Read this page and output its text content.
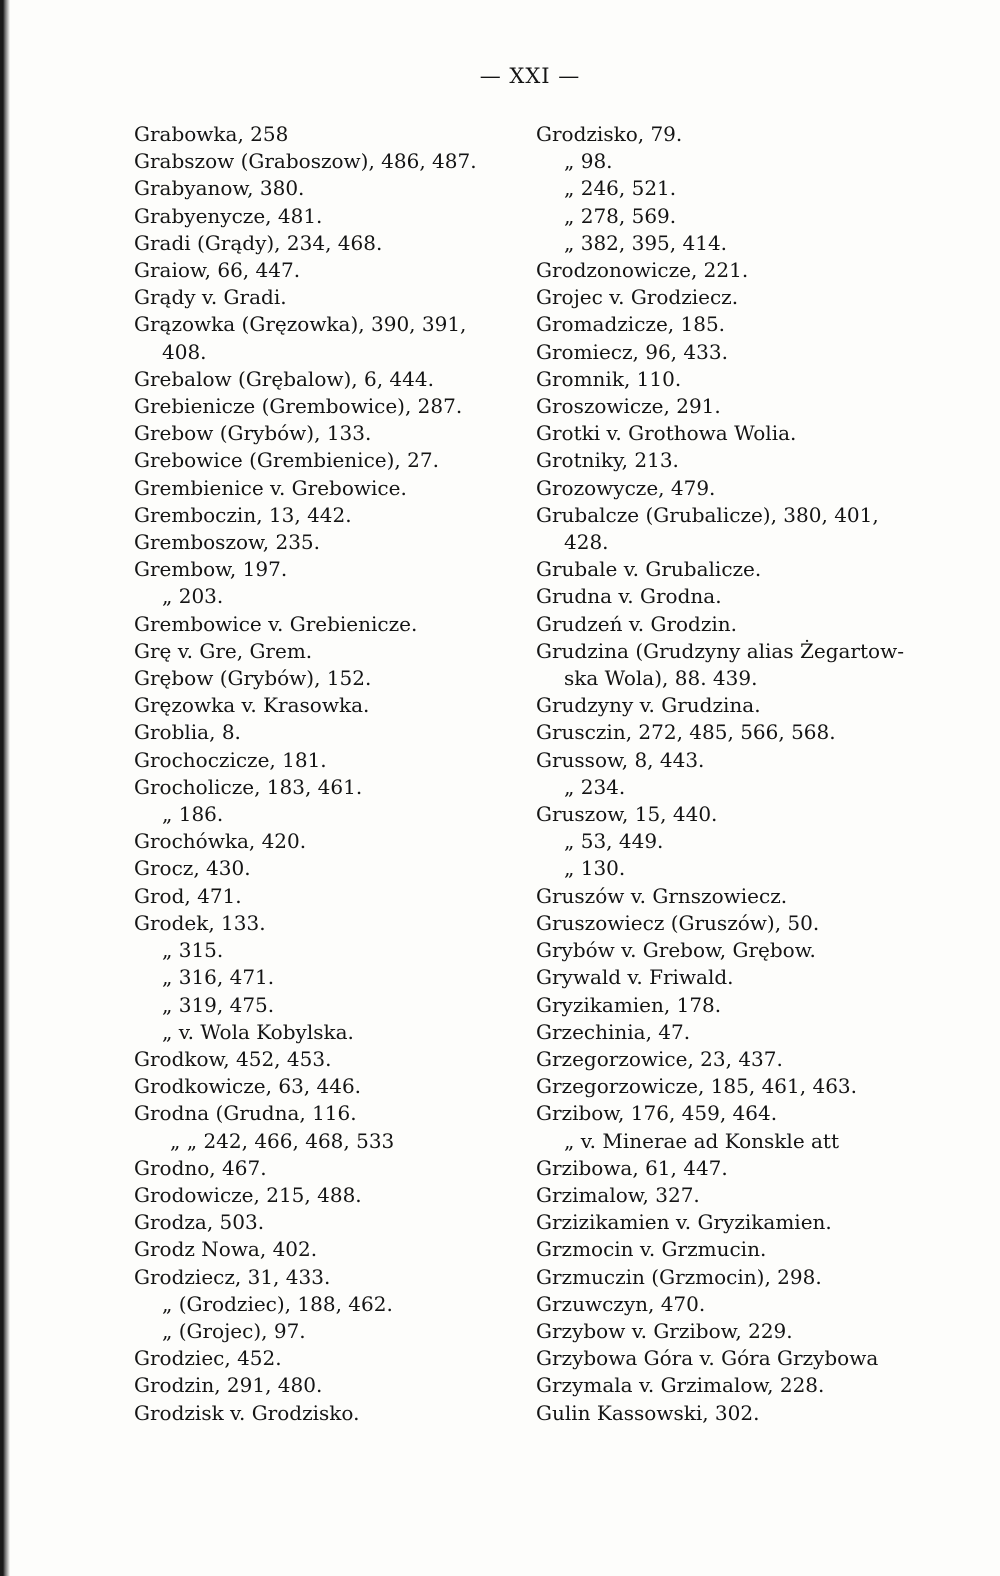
— XXI —
Grabowka, 258
Grabszow (Graboszow), 486, 487.
Grabyanow, 380.
Grabyenycze, 481.
Gradi (Grądy), 234, 468.
Graiow, 66, 447.
Grądy v. Gradi.
Grązowka (Gręzowka), 390, 391,
408.
Grebalow (Grębalow), 6, 444.
Grebienicze (Grembowice), 287.
Grebow (Grybów), 133.
Grebowice (Grembienice), 27.
Grembienice v. Grebowice.
Gremboczin, 13, 442.
Gremboszow, 235.
Grembow, 197.
„ 203.
Grembowice v. Grebienicze.
Grę v. Gre, Grem.
Grębow (Grybów), 152.
Gręzowka v. Krasowka.
Groblia, 8.
Grochoczicze, 181.
Grocholicze, 183, 461.
„ 186.
Grochówka, 420.
Grocz, 430.
Grod, 471.
Grodek, 133.
„ 315.
„ 316, 471.
„ 319, 475.
„ v. Wola Kobylska.
Grodkow, 452, 453.
Grodkowicze, 63, 446.
Grodna (Grudna, 116.
„ „ 242, 466, 468, 533
Grodno, 467.
Grodowicze, 215, 488.
Grodza, 503.
Grodz Nowa, 402.
Grodziecz, 31, 433.
„ (Grodziec), 188, 462.
„ (Grojec), 97.
Grodziec, 452.
Grodzin, 291, 480.
Grodzisk v. Grodzisko.
Grodzisko, 79.
„ 98.
„ 246, 521.
„ 278, 569.
„ 382, 395, 414.
Grodzonowicze, 221.
Grojec v. Grodziecz.
Gromadzicze, 185.
Gromiecz, 96, 433.
Gromnik, 110.
Groszowicze, 291.
Grotki v. Grothowa Wolia.
Grotniky, 213.
Grozowycze, 479.
Grubalcze (Grubalicze), 380, 401,
428.
Grubale v. Grubalicze.
Grudna v. Grodna.
Grudzeń v. Grodzin.
Grudzina (Grudzyny alias Żegartow-
ska Wola), 88. 439.
Grudzyny v. Grudzina.
Grusczin, 272, 485, 566, 568.
Grussow, 8, 443.
„ 234.
Gruszow, 15, 440.
„ 53, 449.
„ 130.
Gruszów v. Grnszowiecz.
Gruszowiecz (Gruszów), 50.
Grybów v. Grebow, Grębow.
Grywald v. Friwald.
Gryzikamien, 178.
Grzechinia, 47.
Grzegorzowice, 23, 437.
Grzegorzowicze, 185, 461, 463.
Grzibow, 176, 459, 464.
„ v. Minerae ad Konskle att
Grzibowa, 61, 447.
Grzimalow, 327.
Grzizikamien v. Gryzikamien.
Grzmocin v. Grzmucin.
Grzmuczin (Grzmocin), 298.
Grzuwczyn, 470.
Grzybow v. Grzibow, 229.
Grzybowa Góra v. Góra Grzybowa
Grzymala v. Grzimalow, 228.
Gulin Kassowski, 302.
